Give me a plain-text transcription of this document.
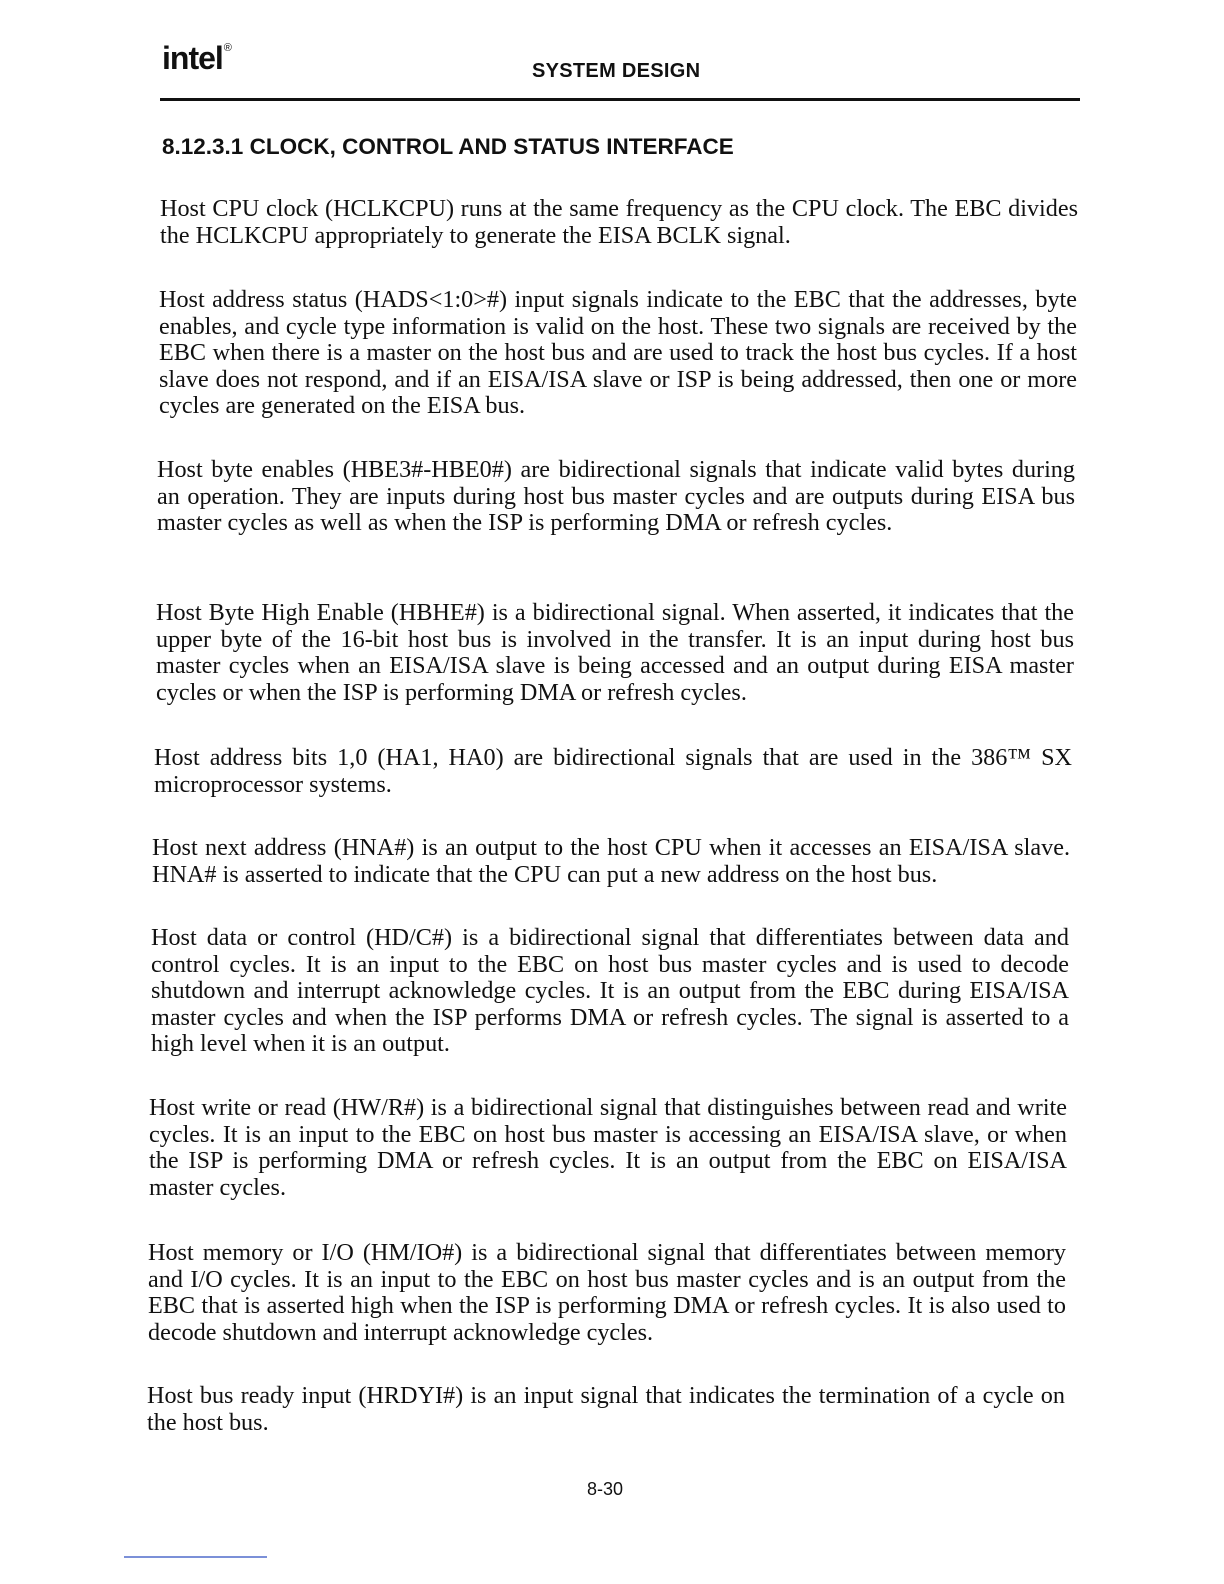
intel®
SYSTEM DESIGN
8.12.3.1 CLOCK, CONTROL AND STATUS INTERFACE

Host CPU clock (HCLKCPU) runs at the same frequency as the CPU clock. The EBC divides the HCLKCPU appropriately to generate the EISA BCLK signal.

Host address status (HADS<1:0>#) input signals indicate to the EBC that the addresses, byte enables, and cycle type information is valid on the host. These two signals are received by the EBC when there is a master on the host bus and are used to track the host bus cycles. If a host slave does not respond, and if an EISA/ISA slave or ISP is being addressed, then one or more cycles are generated on the EISA bus.

Host byte enables (HBE3#-HBE0#) are bidirectional signals that indicate valid bytes during an operation. They are inputs during host bus master cycles and are outputs during EISA bus master cycles as well as when the ISP is performing DMA or refresh cycles.

Host Byte High Enable (HBHE#) is a bidirectional signal. When asserted, it indicates that the upper byte of the 16-bit host bus is involved in the transfer. It is an input during host bus master cycles when an EISA/ISA slave is being accessed and an output during EISA master cycles or when the ISP is performing DMA or refresh cycles.

Host address bits 1,0 (HA1, HA0) are bidirectional signals that are used in the 386™ SX microprocessor systems.

Host next address (HNA#) is an output to the host CPU when it accesses an EISA/ISA slave. HNA# is asserted to indicate that the CPU can put a new address on the host bus.

Host data or control (HD/C#) is a bidirectional signal that differentiates between data and control cycles. It is an input to the EBC on host bus master cycles and is used to decode shutdown and interrupt acknowledge cycles. It is an output from the EBC during EISA/ISA master cycles and when the ISP performs DMA or refresh cycles. The signal is asserted to a high level when it is an output.

Host write or read (HW/R#) is a bidirectional signal that distinguishes between read and write cycles. It is an input to the EBC on host bus master is accessing an EISA/ISA slave, or when the ISP is performing DMA or refresh cycles. It is an output from the EBC on EISA/ISA master cycles.

Host memory or I/O (HM/IO#) is a bidirectional signal that differentiates between memory and I/O cycles. It is an input to the EBC on host bus master cycles and is an output from the EBC that is asserted high when the ISP is performing DMA or refresh cycles. It is also used to decode shutdown and interrupt acknowledge cycles.

Host bus ready input (HRDYI#) is an input signal that indicates the termination of a cycle on the host bus.

8-30
